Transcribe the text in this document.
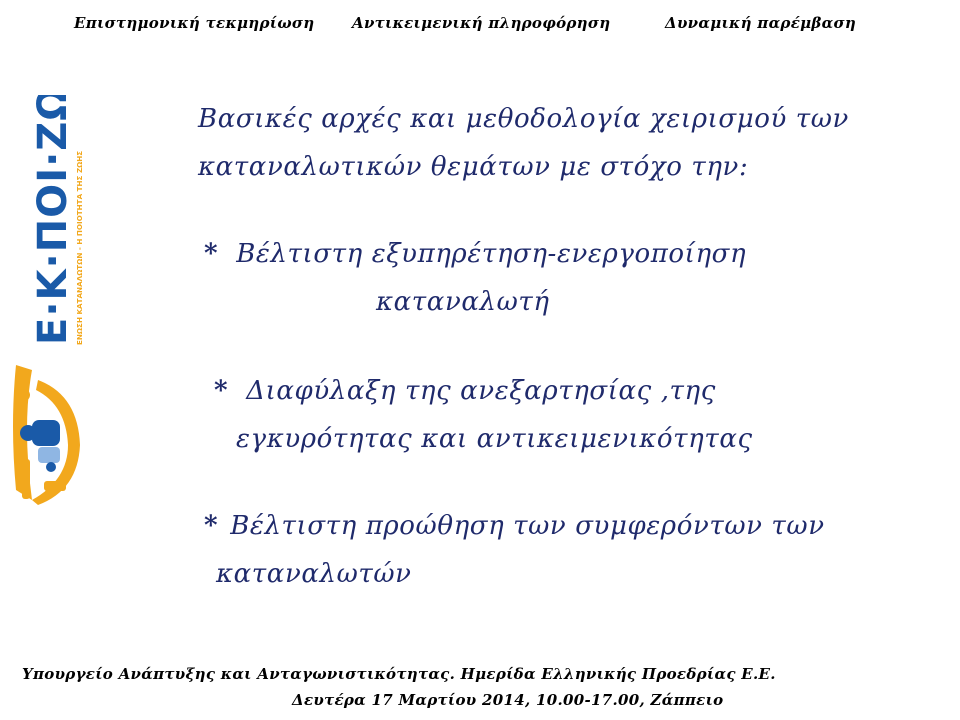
Επιστημονική τεκμηρίωση	Αντικειμενική πληροφόρηση	Δυναμική παρέμβαση
Ε·Κ·ΠΟΙ·ΖΩ ΕΝΩΣΗ ΚΑΤΑΝΑΛΩΤΩΝ - Η ΠΟΙΟΤΗΤΑ ΤΗΣ ΖΩΗΣ
Βασικές αρχές και μεθοδολογία χειρισμού των
καταναλωτικών θεμάτων με στόχο την:
* Βέλτιστη εξυπηρέτηση-ενεργοποίηση
καταναλωτή
* Διαφύλαξη της ανεξαρτησίας ,της
εγκυρότητας και αντικειμενικότητας
* Βέλτιστη προώθηση των συμφερόντων των
καταναλωτών
Υπουργείο Ανάπτυξης και Ανταγωνιστικότητας. Ημερίδα Ελληνικής Προεδρίας Ε.Ε.
Δευτέρα 17 Μαρτίου 2014, 10.00-17.00, Ζάππειο
